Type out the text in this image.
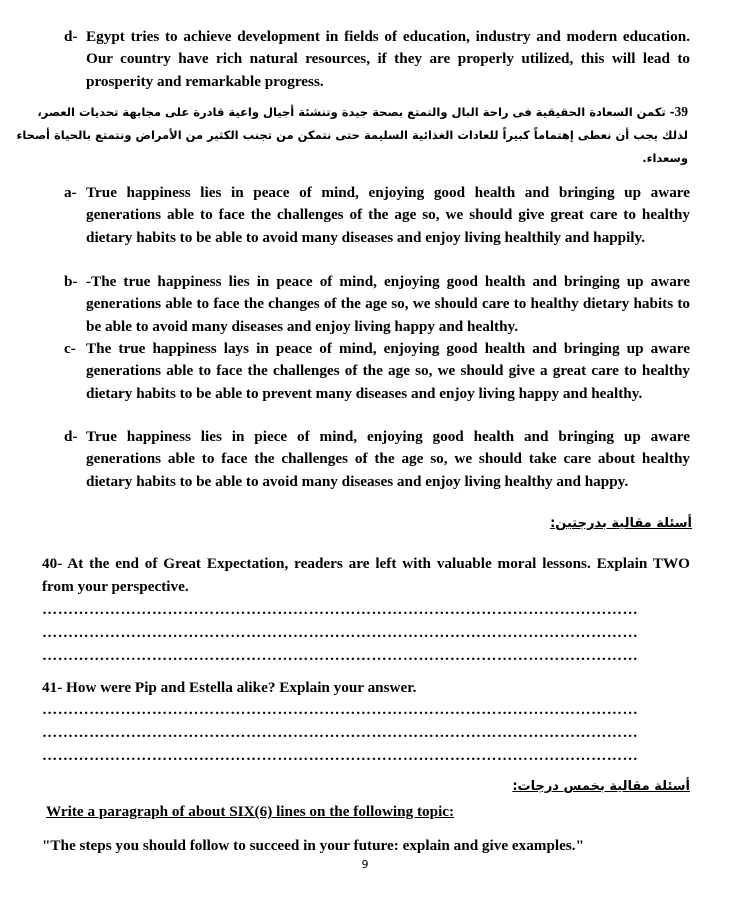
d- Egypt tries to achieve development in fields of education, industry and modern education. Our country have rich natural resources, if they are properly utilized, this will lead to prosperity and remarkable progress.
39- تكمن السعادة الحقيقية فى راحة البال والتمتع بصحة جيدة وتنشئة أجيال واعية قادرة على مجابهة تحديات العصر،
لذلك يجب أن نعطى إهتماماً كبيراً للعادات الغذائية السليمة حتى نتمكن من تجنب الكثير من الأمراض ونتمتع بالحياة أصحاء
وسعداء.
a- True happiness lies in peace of mind, enjoying good health and bringing up aware generations able to face the challenges of the age so, we should give great care to healthy dietary habits to be able to avoid many diseases and enjoy living healthily and happily.
b- -The true happiness lies in peace of mind, enjoying good health and bringing up aware generations able to face the changes of the age so, we should care to healthy dietary habits to be able to avoid many diseases and enjoy living happy and healthy.
c- The true happiness lays in peace of mind, enjoying good health and bringing up aware generations able to face the challenges of the age so, we should give a great care to healthy dietary habits to be able to prevent many diseases and enjoy living happy and healthy.
d- True happiness lies in piece of mind, enjoying good health and bringing up aware generations able to face the challenges of the age so, we should take care about healthy dietary habits to be able to avoid many diseases and enjoy living healthy and happy.
أسئلة مقالية بدرجتين:
40- At the end of Great Expectation, readers are left with valuable moral lessons. Explain TWO from your perspective.
……………………………………………………………………………………………………
……………………………………………………………………………………………………
……………………………………………………………………………………………………
41- How were Pip and Estella alike? Explain your answer.
……………………………………………………………………………………………………
……………………………………………………………………………………………………
……………………………………………………………………………………………………
أسئلة مقالية بخمس درجات:
Write a paragraph of about SIX(6) lines on the following topic:
"The steps you should follow to succeed in your future: explain and give examples."
9
